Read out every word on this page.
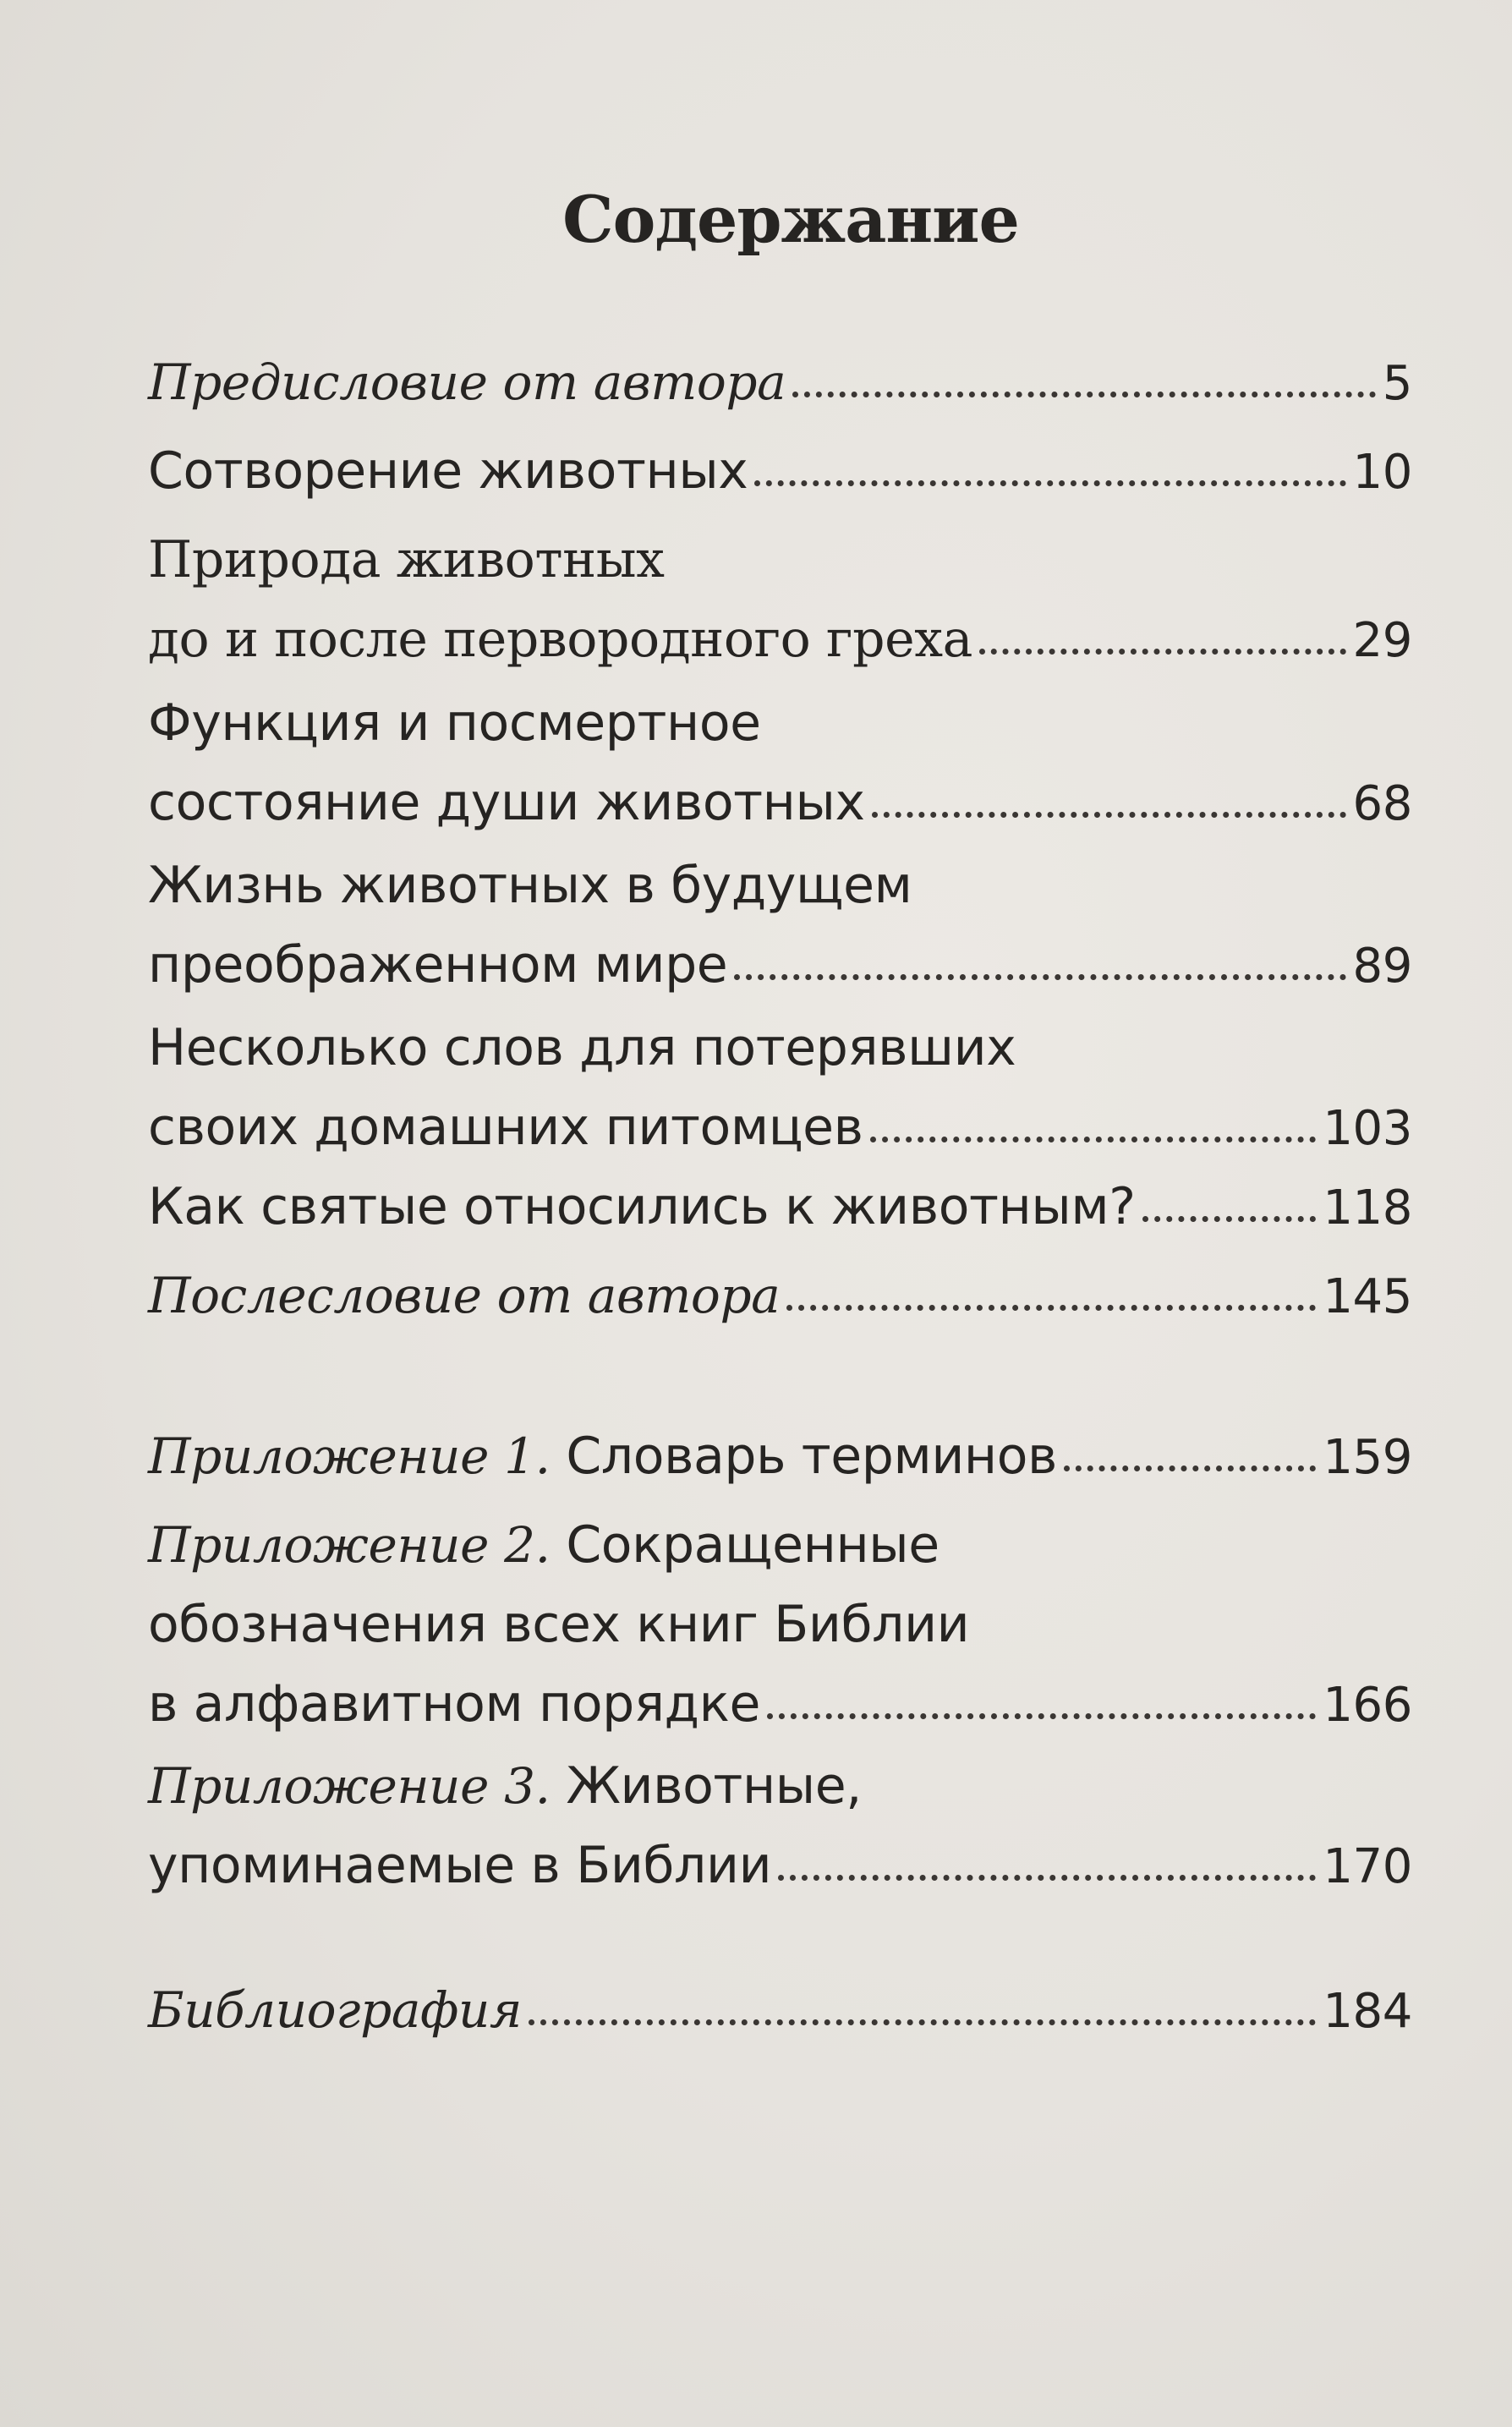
Содержание
Предисловие от автора	5
Сотворение животных	10
Природа животных
до и после первородного греха	29
Функция и посмертное
состояние души животных	68
Жизнь животных в будущем
преображенном мире	89
Несколько слов для потерявших
своих домашних питомцев	103
Как святые относились к животным?	118
Послесловие от автора	145
Приложение 1. Словарь терминов	159
Приложение 2. Сокращенные
обозначения всех книг Библии
в алфавитном порядке	166
Приложение 3. Животные,
упоминаемые в Библии	170
Библиография	184
